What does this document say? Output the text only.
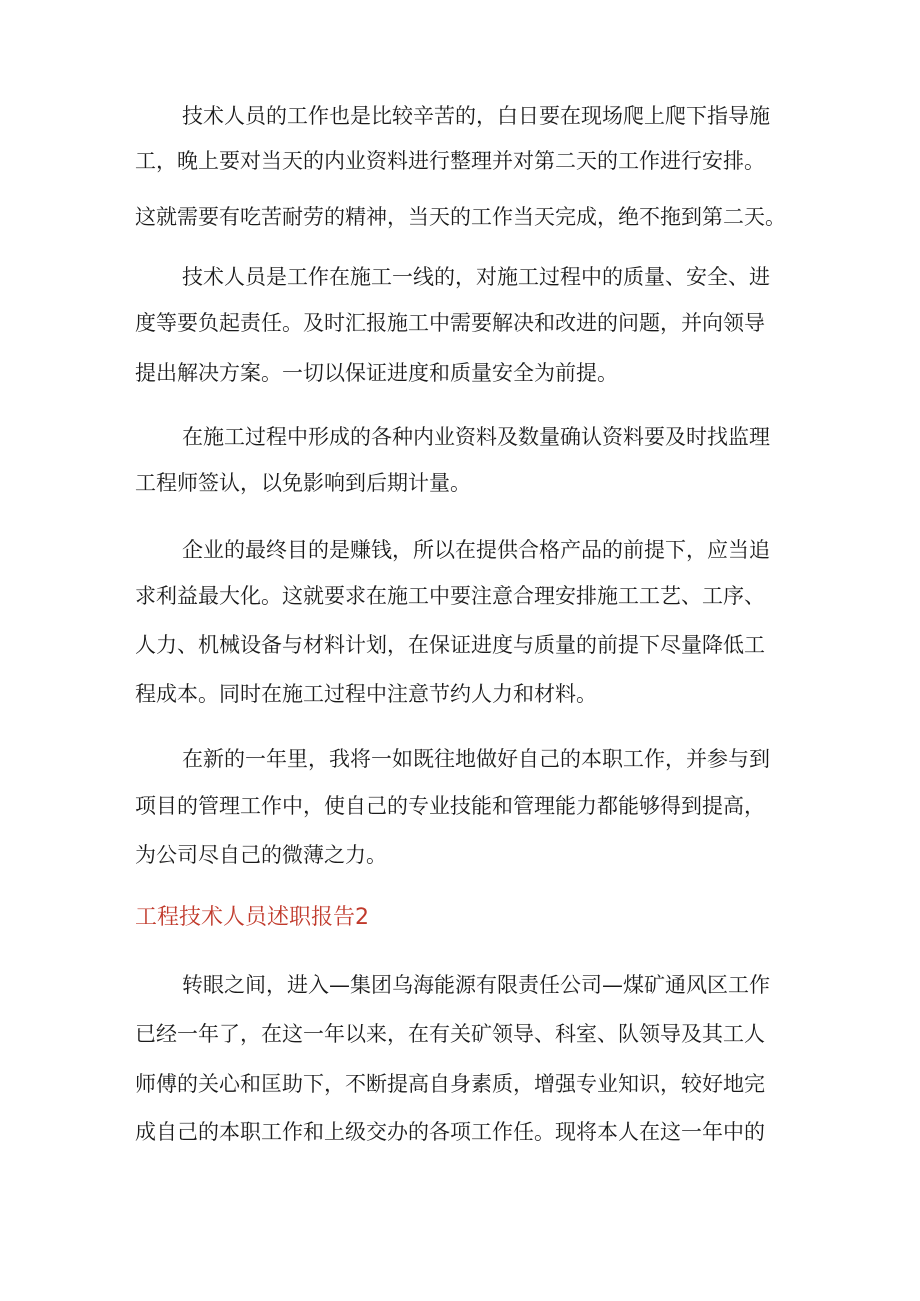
技术人员的工作也是比较辛苦的，白日要在现场爬上爬下指导施
工，晚上要对当天的内业资料进行整理并对第二天的工作进行安排。
这就需要有吃苦耐劳的精神，当天的工作当天完成，绝不拖到第二天。
技术人员是工作在施工一线的，对施工过程中的质量、安全、进
度等要负起责任。及时汇报施工中需要解决和改进的问题，并向领导
提出解决方案。一切以保证进度和质量安全为前提。
在施工过程中形成的各种内业资料及数量确认资料要及时找监理
工程师签认，以免影响到后期计量。
企业的最终目的是赚钱，所以在提供合格产品的前提下，应当追
求利益最大化。这就要求在施工中要注意合理安排施工工艺、工序、
人力、机械设备与材料计划，在保证进度与质量的前提下尽量降低工
程成本。同时在施工过程中注意节约人力和材料。
在新的一年里，我将一如既往地做好自己的本职工作，并参与到
项目的管理工作中，使自己的专业技能和管理能力都能够得到提高，
为公司尽自己的微薄之力。
工程技术人员述职报告2
转眼之间，进入—集团乌海能源有限责任公司—煤矿通风区工作
已经一年了，在这一年以来，在有关矿领导、科室、队领导及其工人
师傅的关心和匡助下，不断提高自身素质，增强专业知识，较好地完
成自己的本职工作和上级交办的各项工作任。现将本人在这一年中的
